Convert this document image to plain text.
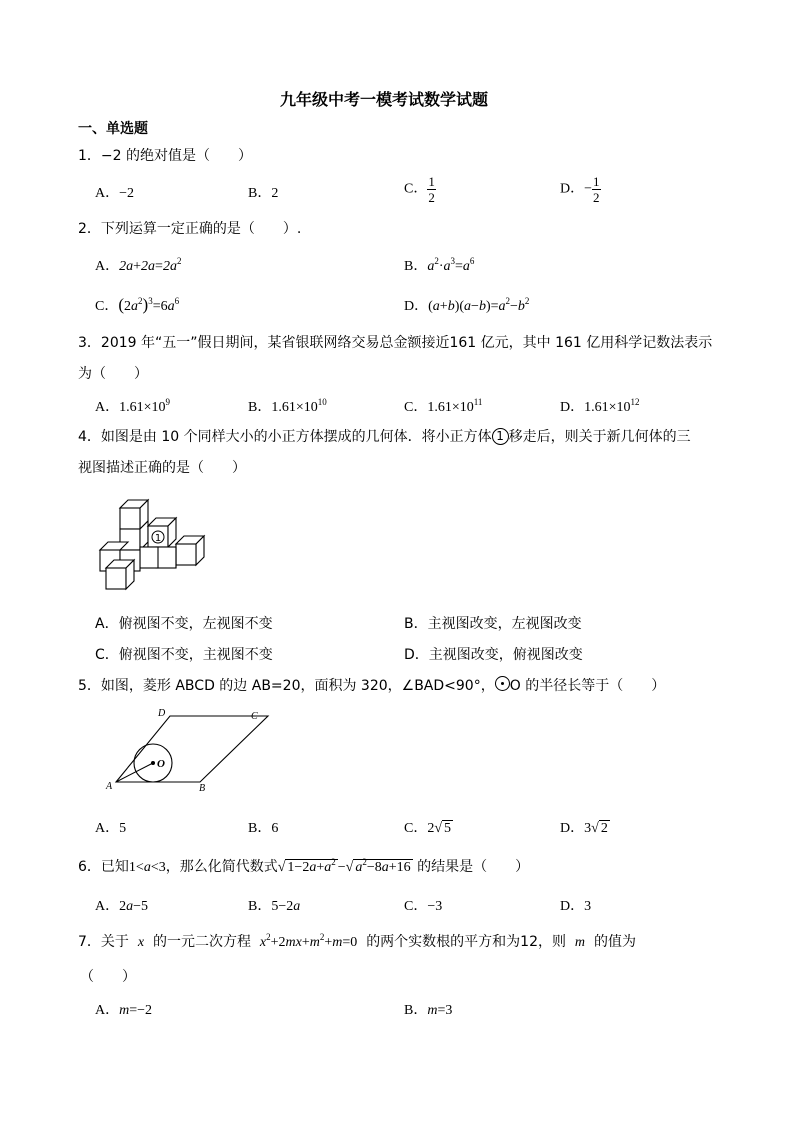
九年级中考一模考试数学试题
一、单选题
1．−2 的绝对值是（　　）
A．−2	B．2	C． $\frac{1}{2}$	D．− $\frac{1}{2}$
2．下列运算一定正确的是（　　）.
A．$2a+2a=2a^2$	B．$a^2\cdot a^3=a^6$
C．$(2a^2)^3=6a^6$	D．$(a+b)(a-b)=a^2-b^2$
3．2019 年“五一”假日期间，某省银联网络交易总金额接近161 亿元，其中 161 亿用科学记数法表示
为（　　）
A．$1.61\times 10^9$	B．$1.61\times 10^{10}$	C．$1.61\times 10^{11}$	D．$1.61\times 10^{12}$
4．如图是由 10 个同样大小的小正方体摆成的几何体．将小正方体 1 移走后，则关于新几何体的三
视图描述正确的是（　　）
1
A．俯视图不变，左视图不变	B．主视图改变，左视图改变
C．俯视图不变，主视图不变	D．主视图改变，俯视图改变
5．如图，菱形 ABCD 的边 AB=20，面积为 320，∠BAD<90°， O 的半径长等于（　　）
O
A	B
C
D
A．5	B．6	C．2√ 5	D．3√ 2
6．已知1<a<3，那么化简代数式√ $1-2a+a^2$ −√ $a^2-8a+16$ 的结果是（　　）
A．2a−5	B．5−2a	C．−3	D．3
7．关于 x 的一元二次方程 $x^2+2mx+m^2+m=0$ 的两个实数根的平方和为12，则 m 的值为
（　　）
A．m=−2	B．m=3
